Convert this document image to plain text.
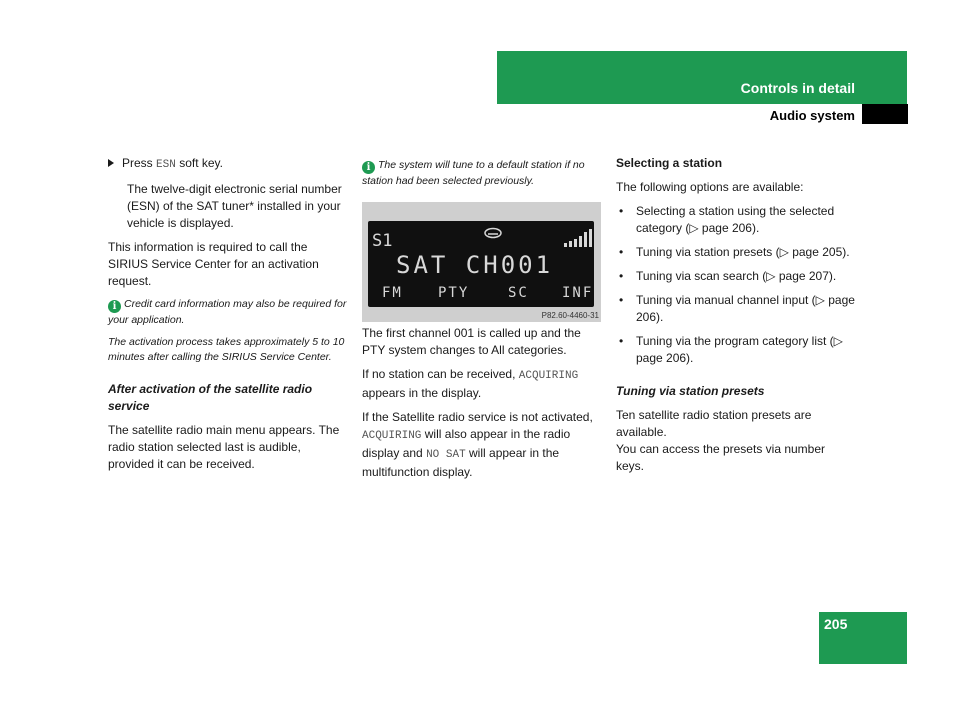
Controls in detail
Audio system

Press ESN soft key.

The twelve-digit electronic serial number (ESN) of the SAT tuner* installed in your vehicle is displayed.

This information is required to call the SIRIUS Service Center for an activation request.

i Credit card information may also be required for your application.

The activation process takes approximately 5 to 10 minutes after calling the SIRIUS Service Center.

After activation of the satellite radio service

The satellite radio main menu appears. The radio station selected last is audible, provided it can be received.

i The system will tune to a default station if no station had been selected previously.

S1
SAT CH001
FM	PTY	SC INF
P82.60-4460-31

The first channel 001 is called up and the PTY system changes to All categories.

If no station can be received, ACQUIRING appears in the display.

If the Satellite radio service is not activated, ACQUIRING will also appear in the radio display and NO SAT will appear in the multifunction display.

Selecting a station

The following options are available:

• Selecting a station using the selected category (▷ page 206).
• Tuning via station presets (▷ page 205).
• Tuning via scan search (▷ page 207).
• Tuning via manual channel input (▷ page 206).
• Tuning via the program category list (▷ page 206).

Tuning via station presets

Ten satellite radio station presets are available.

You can access the presets via number keys.

205
